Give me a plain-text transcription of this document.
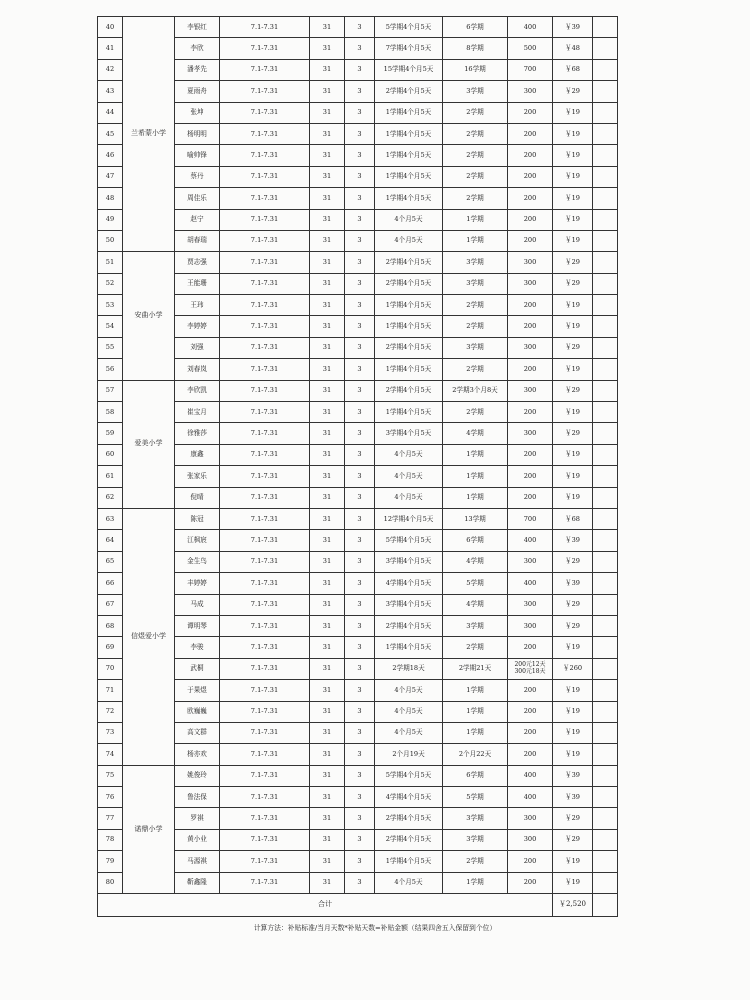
40	兰希蒙小学	李银红	7.1-7.31	31	3	5学期4个月5天	6学期	400	￥39	
41		李欣	7.1-7.31	31	3	7学期4个月5天	8学期	500	￥48	
42		潘孝先	7.1-7.31	31	3	15学期4个月5天	16学期	700	￥68	
43		夏雨舟	7.1-7.31	31	3	2学期4个月5天	3学期	300	￥29	
44		张坤	7.1-7.31	31	3	1学期4个月5天	2学期	200	￥19	
45		杨明明	7.1-7.31	31	3	1学期4个月5天	2学期	200	￥19	
46		喻帅锋	7.1-7.31	31	3	1学期4个月5天	2学期	200	￥19	
47		蔡丹	7.1-7.31	31	3	1学期4个月5天	2学期	200	￥19	
48		周佳乐	7.1-7.31	31	3	1学期4个月5天	2学期	200	￥19	
49		赵宁	7.1-7.31	31	3	4个月5天	1学期	200	￥19	
50		胡春瑞	7.1-7.31	31	3	4个月5天	1学期	200	￥19	
51	安曲小学	贾志强	7.1-7.31	31	3	2学期4个月5天	3学期	300	￥29	
52		王能珊	7.1-7.31	31	3	2学期4个月5天	3学期	300	￥29	
53		王玮	7.1-7.31	31	3	1学期4个月5天	2学期	200	￥19	
54		李婷婷	7.1-7.31	31	3	1学期4个月5天	2学期	200	￥19	
55		刘强	7.1-7.31	31	3	2学期4个月5天	3学期	300	￥29	
56		刘春岚	7.1-7.31	31	3	1学期4个月5天	2学期	200	￥19	
57	爱美小学	李欣凯	7.1-7.31	31	3	2学期4个月5天	2学期3个月8天	300	￥29	
58		崔宝月	7.1-7.31	31	3	1学期4个月5天	2学期	200	￥19	
59		徐雅莎	7.1-7.31	31	3	3学期4个月5天	4学期	300	￥29	
60		康鑫	7.1-7.31	31	3	4个月5天	1学期	200	￥19	
61		张家乐	7.1-7.31	31	3	4个月5天	1学期	200	￥19	
62		倪晴	7.1-7.31	31	3	4个月5天	1学期	200	￥19	
63	信煜爱小学	陈冠	7.1-7.31	31	3	12学期4个月5天	13学期	700	￥68	
64		江枫宸	7.1-7.31	31	3	5学期4个月5天	6学期	400	￥39	
65		金生鸟	7.1-7.31	31	3	3学期4个月5天	4学期	300	￥29	
66		丰婷婷	7.1-7.31	31	3	4学期4个月5天	5学期	400	￥39	
67		马成	7.1-7.31	31	3	3学期4个月5天	4学期	300	￥29	
68		谭明琴	7.1-7.31	31	3	2学期4个月5天	3学期	300	￥29	
69		李骏	7.1-7.31	31	3	1学期4个月5天	2学期	200	￥19	
70		武桐	7.1-7.31	31	3	2学期18天	2学期21天	200元12天 300元18天	￥260	
71		于果煜	7.1-7.31	31	3	4个月5天	1学期	200	￥19	
72		欧巍巍	7.1-7.31	31	3	4个月5天	1学期	200	￥19	
73		高文群	7.1-7.31	31	3	4个月5天	1学期	200	￥19	
74		杨亦欢	7.1-7.31	31	3	2个月19天	2个月22天	200	￥19	
75	诺鼎小学	姚俊玲	7.1-7.31	31	3	5学期4个月5天	6学期	400	￥39	
76		鲁法保	7.1-7.31	31	3	4学期4个月5天	5学期	400	￥39	
77		罗祺	7.1-7.31	31	3	2学期4个月5天	3学期	300	￥29	
78		黄小业	7.1-7.31	31	3	2学期4个月5天	3学期	300	￥29	
79		马源祺	7.1-7.31	31	3	1学期4个月5天	2学期	200	￥19	
80		靳鑫隆	7.1-7.31	31	3	4个月5天	1学期	200	￥19	
合计									￥2,520	
计算方法：补贴标准/当月天数*补贴天数=补贴金额（结果四舍五入保留到个位）
